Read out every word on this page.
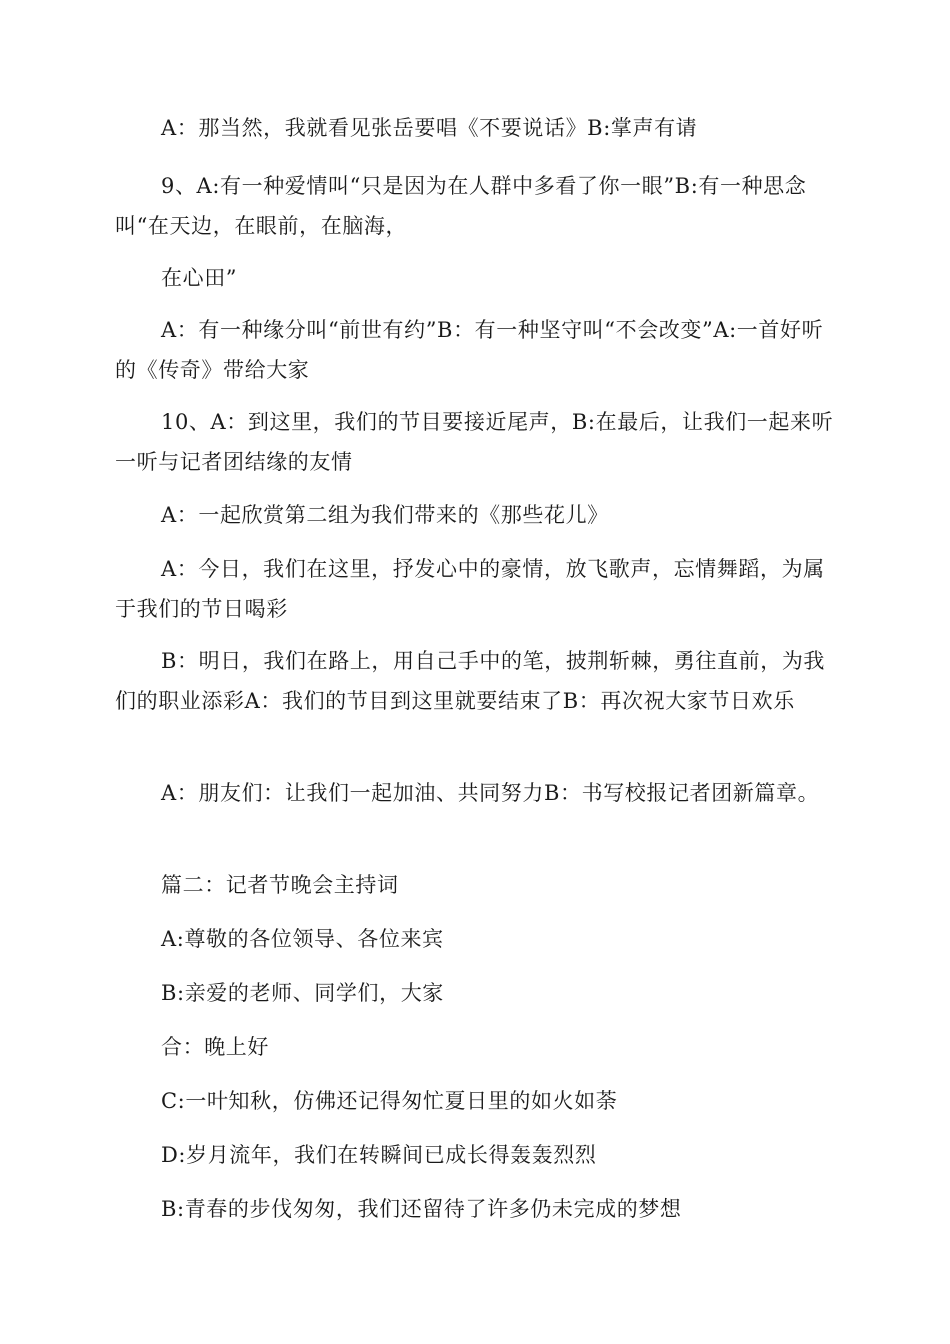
A：那当然，我就看见张岳要唱《不要说话》B:掌声有请

9、A:有一种爱情叫“只是因为在人群中多看了你一眼”B:有一种思念叫“在天边，在眼前，在脑海，

在心田”

A：有一种缘分叫“前世有约”B：有一种坚守叫“不会改变”A:一首好听的《传奇》带给大家

10、A：到这里，我们的节目要接近尾声，B:在最后，让我们一起来听一听与记者团结缘的友情

A：一起欣赏第二组为我们带来的《那些花儿》

A：今日，我们在这里，抒发心中的豪情，放飞歌声，忘情舞蹈，为属于我们的节日喝彩

B：明日，我们在路上，用自己手中的笔，披荆斩棘，勇往直前，为我们的职业添彩A：我们的节目到这里就要结束了B：再次祝大家节日欢乐

A：朋友们：让我们一起加油、共同努力B：书写校报记者团新篇章。

篇二：记者节晚会主持词

A:尊敬的各位领导、各位来宾

B:亲爱的老师、同学们，大家

合：晚上好

C:一叶知秋，仿佛还记得匆忙夏日里的如火如荼

D:岁月流年，我们在转瞬间已成长得轰轰烈烈

B:青春的步伐匆匆，我们还留待了许多仍未完成的梦想
